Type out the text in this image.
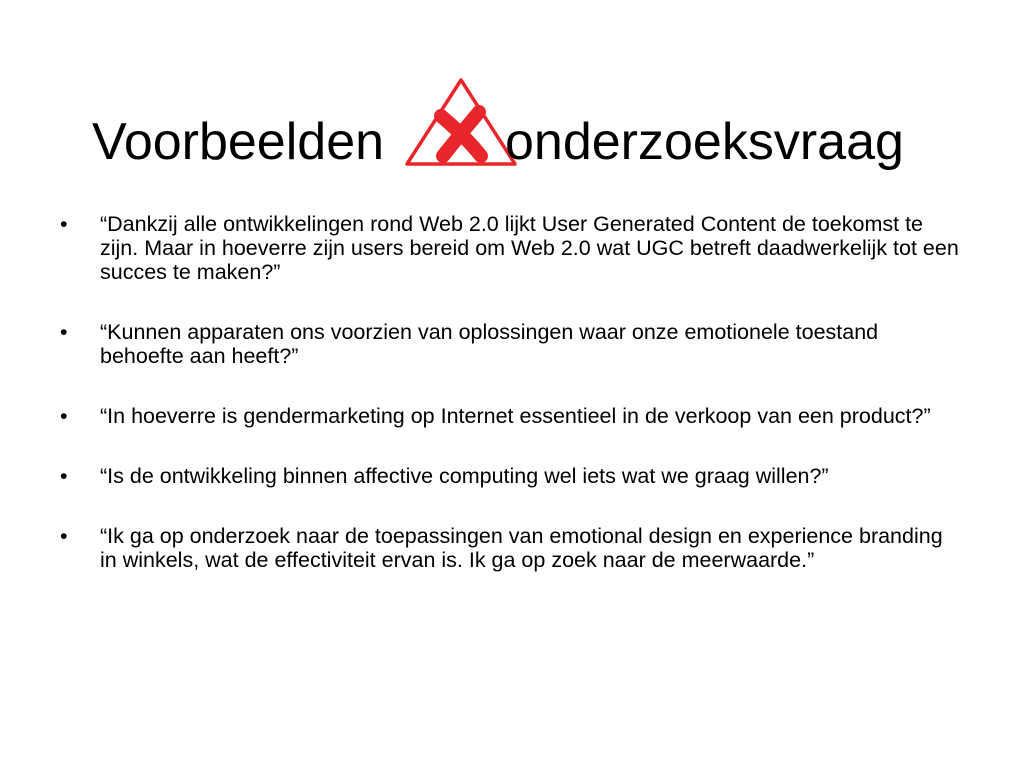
Voorbeelden onderzoeksvraag
•	“Dankzij alle ontwikkelingen rond Web 2.0 lijkt User Generated Content de toekomst te zijn. Maar in hoeverre zijn users bereid om Web 2.0 wat UGC betreft daadwerkelijk tot een succes te maken?”
•	“Kunnen apparaten ons voorzien van oplossingen waar onze emotionele toestand behoefte aan heeft?”
•	“In hoeverre is gendermarketing op Internet essentieel in de verkoop van een product?”
•	“Is de ontwikkeling binnen affective computing wel iets wat we graag willen?”
•	“Ik ga op onderzoek naar de toepassingen van emotional design en experience branding in winkels, wat de effectiviteit ervan is. Ik ga op zoek naar de meerwaarde.”
